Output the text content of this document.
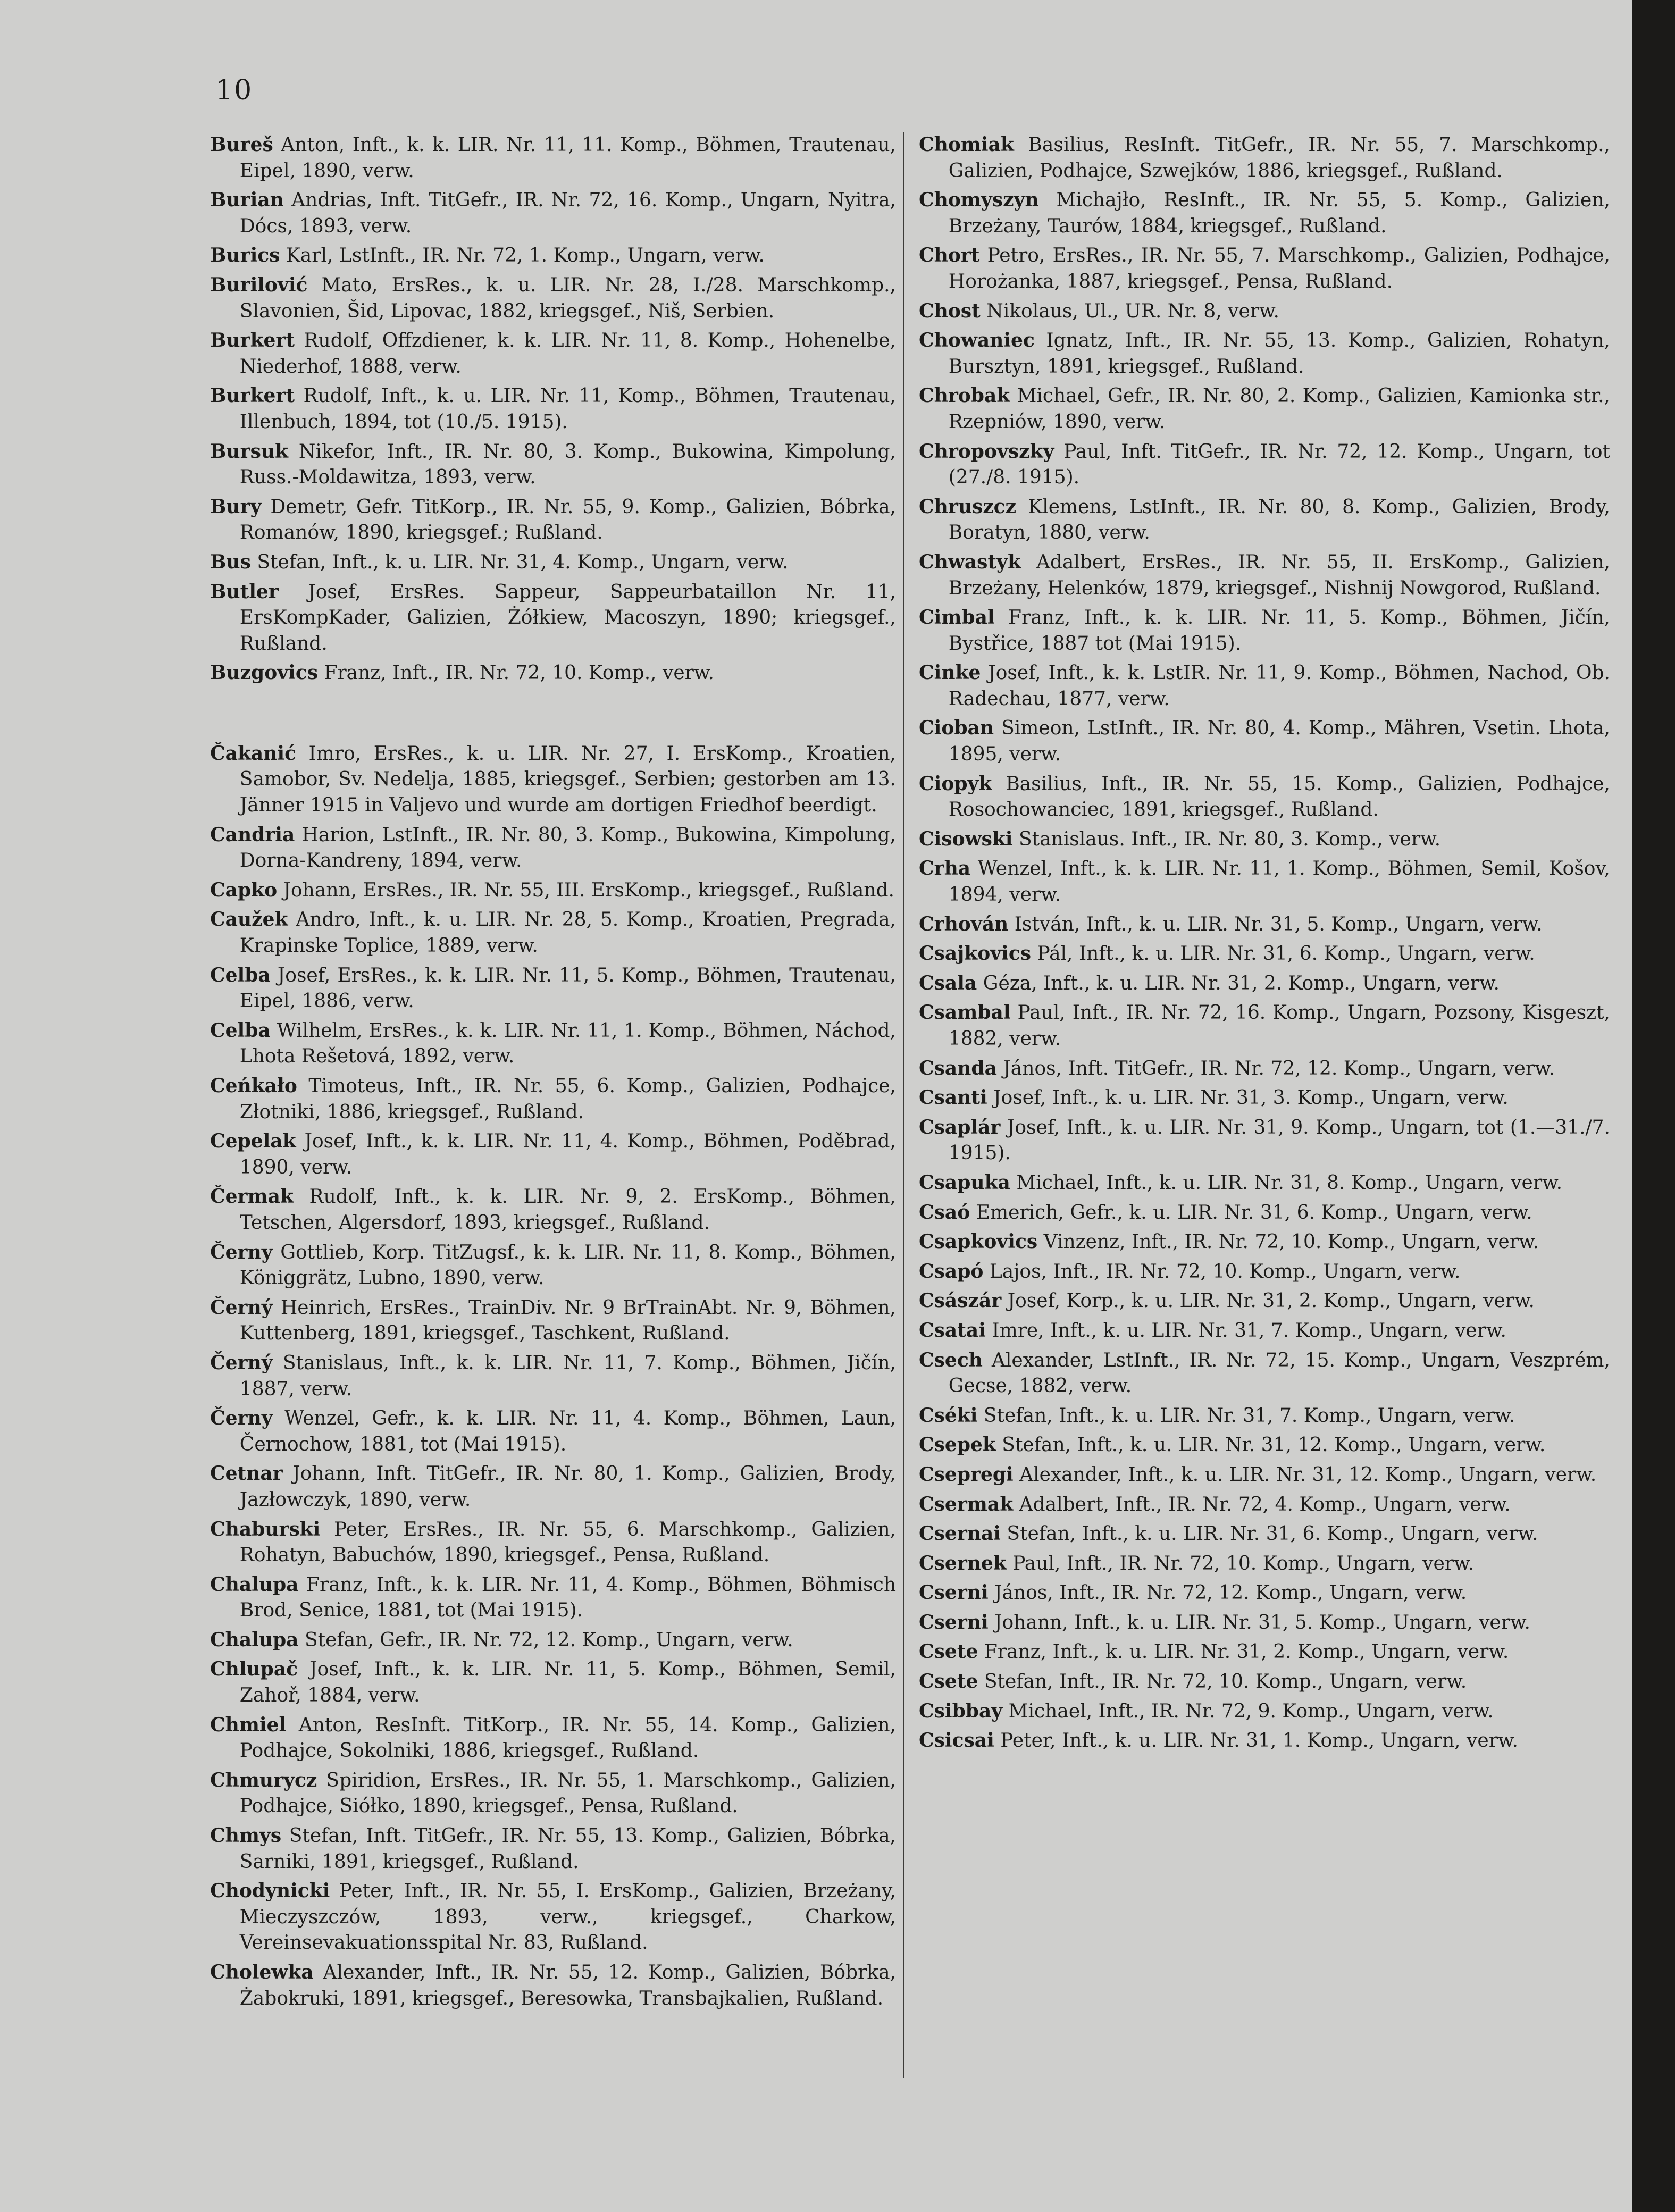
10

Bureš Anton, Inft., k. k. LIR. Nr. 11, 11. Komp., Böhmen, Trautenau, Eipel, 1890, verw.

Burian Andrias, Inft. TitGefr., IR. Nr. 72, 16. Komp., Ungarn, Nyitra, Dócs, 1893, verw.

Burics Karl, LstInft., IR. Nr. 72, 1. Komp., Ungarn, verw.

Burilović Mato, ErsRes., k. u. LIR. Nr. 28, I./28. Marschkomp., Slavonien, Šid, Lipovac, 1882, kriegsgef., Niš, Serbien.

Burkert Rudolf, Offzdiener, k. k. LIR. Nr. 11, 8. Komp., Hohenelbe, Niederhof, 1888, verw.

Burkert Rudolf, Inft., k. u. LIR. Nr. 11, Komp., Böhmen, Trautenau, Illenbuch, 1894, tot (10./5. 1915).

Bursuk Nikefor, Inft., IR. Nr. 80, 3. Komp., Bukowina, Kimpolung, Russ.-Moldawitza, 1893, verw.

Bury Demetr, Gefr. TitKorp., IR. Nr. 55, 9. Komp., Galizien, Bóbrka, Romanów, 1890, kriegsgef.; Rußland.

Bus Stefan, Inft., k. u. LIR. Nr. 31, 4. Komp., Ungarn, verw.

Butler Josef, ErsRes. Sappeur, Sappeurbataillon Nr. 11, ErsKompKader, Galizien, Żółkiew, Macoszyn, 1890; kriegsgef., Rußland.

Buzgovics Franz, Inft., IR. Nr. 72, 10. Komp., verw.

Čakanić Imro, ErsRes., k. u. LIR. Nr. 27, I. ErsKomp., Kroatien, Samobor, Sv. Nedelja, 1885, kriegsgef., Serbien; gestorben am 13. Jänner 1915 in Valjevo und wurde am dortigen Friedhof beerdigt.

Candria Harion, LstInft., IR. Nr. 80, 3. Komp., Bukowina, Kimpolung, Dorna-Kandreny, 1894, verw.

Capko Johann, ErsRes., IR. Nr. 55, III. ErsKomp., kriegsgef., Rußland.

Caužek Andro, Inft., k. u. LIR. Nr. 28, 5. Komp., Kroatien, Pregrada, Krapinske Toplice, 1889, verw.

Celba Josef, ErsRes., k. k. LIR. Nr. 11, 5. Komp., Böhmen, Trautenau, Eipel, 1886, verw.

Celba Wilhelm, ErsRes., k. k. LIR. Nr. 11, 1. Komp., Böhmen, Náchod, Lhota Rešetová, 1892, verw.

Ceńkało Timoteus, Inft., IR. Nr. 55, 6. Komp., Galizien, Podhajce, Złotniki, 1886, kriegsgef., Rußland.

Cepelak Josef, Inft., k. k. LIR. Nr. 11, 4. Komp., Böhmen, Poděbrad, 1890, verw.

Čermak Rudolf, Inft., k. k. LIR. Nr. 9, 2. ErsKomp., Böhmen, Tetschen, Algersdorf, 1893, kriegsgef., Rußland.

Černy Gottlieb, Korp. TitZugsf., k. k. LIR. Nr. 11, 8. Komp., Böhmen, Königgrätz, Lubno, 1890, verw.

Černý Heinrich, ErsRes., TrainDiv. Nr. 9 BrTrainAbt. Nr. 9, Böhmen, Kuttenberg, 1891, kriegsgef., Taschkent, Rußland.

Černý Stanislaus, Inft., k. k. LIR. Nr. 11, 7. Komp., Böhmen, Jičín, 1887, verw.

Černy Wenzel, Gefr., k. k. LIR. Nr. 11, 4. Komp., Böhmen, Laun, Černochow, 1881, tot (Mai 1915).

Cetnar Johann, Inft. TitGefr., IR. Nr. 80, 1. Komp., Galizien, Brody, Jazłowczyk, 1890, verw.

Chaburski Peter, ErsRes., IR. Nr. 55, 6. Marschkomp., Galizien, Rohatyn, Babuchów, 1890, kriegsgef., Pensa, Rußland.

Chalupa Franz, Inft., k. k. LIR. Nr. 11, 4. Komp., Böhmen, Böhmisch Brod, Senice, 1881, tot (Mai 1915).

Chalupa Stefan, Gefr., IR. Nr. 72, 12. Komp., Ungarn, verw.

Chlupač Josef, Inft., k. k. LIR. Nr. 11, 5. Komp., Böhmen, Semil, Zahoř, 1884, verw.

Chmiel Anton, ResInft. TitKorp., IR. Nr. 55, 14. Komp., Galizien, Podhajce, Sokolniki, 1886, kriegsgef., Rußland.

Chmurycz Spiridion, ErsRes., IR. Nr. 55, 1. Marschkomp., Galizien, Podhajce, Siółko, 1890, kriegsgef., Pensa, Rußland.

Chmys Stefan, Inft. TitGefr., IR. Nr. 55, 13. Komp., Galizien, Bóbrka, Sarniki, 1891, kriegsgef., Rußland.

Chodynicki Peter, Inft., IR. Nr. 55, I. ErsKomp., Galizien, Brzeżany, Mieczyszczów, 1893, verw., kriegsgef., Charkow, Vereinsevakuationsspital Nr. 83, Rußland.

Cholewka Alexander, Inft., IR. Nr. 55, 12. Komp., Galizien, Bóbrka, Żabokruki, 1891, kriegsgef., Beresowka, Transbajkalien, Rußland.

Chomiak Basilius, ResInft. TitGefr., IR. Nr. 55, 7. Marschkomp., Galizien, Podhajce, Szwejków, 1886, kriegsgef., Rußland.

Chomyszyn Michajło, ResInft., IR. Nr. 55, 5. Komp., Galizien, Brzeżany, Taurów, 1884, kriegsgef., Rußland.

Chort Petro, ErsRes., IR. Nr. 55, 7. Marschkomp., Galizien, Podhajce, Horożanka, 1887, kriegsgef., Pensa, Rußland.

Chost Nikolaus, Ul., UR. Nr. 8, verw.

Chowaniec Ignatz, Inft., IR. Nr. 55, 13. Komp., Galizien, Rohatyn, Bursztyn, 1891, kriegsgef., Rußland.

Chrobak Michael, Gefr., IR. Nr. 80, 2. Komp., Galizien, Kamionka str., Rzepniów, 1890, verw.

Chropovszky Paul, Inft. TitGefr., IR. Nr. 72, 12. Komp., Ungarn, tot (27./8. 1915).

Chruszcz Klemens, LstInft., IR. Nr. 80, 8. Komp., Galizien, Brody, Boratyn, 1880, verw.

Chwastyk Adalbert, ErsRes., IR. Nr. 55, II. ErsKomp., Galizien, Brzeżany, Helenków, 1879, kriegsgef., Nishnij Nowgorod, Rußland.

Cimbal Franz, Inft., k. k. LIR. Nr. 11, 5. Komp., Böhmen, Jičín, Bystřice, 1887 tot (Mai 1915).

Cinke Josef, Inft., k. k. LstIR. Nr. 11, 9. Komp., Böhmen, Nachod, Ob. Radechau, 1877, verw.

Cioban Simeon, LstInft., IR. Nr. 80, 4. Komp., Mähren, Vsetin. Lhota, 1895, verw.

Ciopyk Basilius, Inft., IR. Nr. 55, 15. Komp., Galizien, Podhajce, Rosochowanciec, 1891, kriegsgef., Rußland.

Cisowski Stanislaus. Inft., IR. Nr. 80, 3. Komp., verw.

Crha Wenzel, Inft., k. k. LIR. Nr. 11, 1. Komp., Böhmen, Semil, Košov, 1894, verw.

Crhován István, Inft., k. u. LIR. Nr. 31, 5. Komp., Ungarn, verw.

Csajkovics Pál, Inft., k. u. LIR. Nr. 31, 6. Komp., Ungarn, verw.

Csala Géza, Inft., k. u. LIR. Nr. 31, 2. Komp., Ungarn, verw.

Csambal Paul, Inft., IR. Nr. 72, 16. Komp., Ungarn, Pozsony, Kisgeszt, 1882, verw.

Csanda János, Inft. TitGefr., IR. Nr. 72, 12. Komp., Ungarn, verw.

Csanti Josef, Inft., k. u. LIR. Nr. 31, 3. Komp., Ungarn, verw.

Csaplár Josef, Inft., k. u. LIR. Nr. 31, 9. Komp., Ungarn, tot (1.—31./7. 1915).

Csapuka Michael, Inft., k. u. LIR. Nr. 31, 8. Komp., Ungarn, verw.

Csaó Emerich, Gefr., k. u. LIR. Nr. 31, 6. Komp., Ungarn, verw.

Csapkovics Vinzenz, Inft., IR. Nr. 72, 10. Komp., Ungarn, verw.

Csapó Lajos, Inft., IR. Nr. 72, 10. Komp., Ungarn, verw.

Császár Josef, Korp., k. u. LIR. Nr. 31, 2. Komp., Ungarn, verw.

Csatai Imre, Inft., k. u. LIR. Nr. 31, 7. Komp., Ungarn, verw.

Csech Alexander, LstInft., IR. Nr. 72, 15. Komp., Ungarn, Veszprém, Gecse, 1882, verw.

Cséki Stefan, Inft., k. u. LIR. Nr. 31, 7. Komp., Ungarn, verw.

Csepek Stefan, Inft., k. u. LIR. Nr. 31, 12. Komp., Ungarn, verw.

Csepregi Alexander, Inft., k. u. LIR. Nr. 31, 12. Komp., Ungarn, verw.

Csermak Adalbert, Inft., IR. Nr. 72, 4. Komp., Ungarn, verw.

Csernai Stefan, Inft., k. u. LIR. Nr. 31, 6. Komp., Ungarn, verw.

Csernek Paul, Inft., IR. Nr. 72, 10. Komp., Ungarn, verw.

Cserni János, Inft., IR. Nr. 72, 12. Komp., Ungarn, verw.

Cserni Johann, Inft., k. u. LIR. Nr. 31, 5. Komp., Ungarn, verw.

Csete Franz, Inft., k. u. LIR. Nr. 31, 2. Komp., Ungarn, verw.

Csete Stefan, Inft., IR. Nr. 72, 10. Komp., Ungarn, verw.

Csibbay Michael, Inft., IR. Nr. 72, 9. Komp., Ungarn, verw.

Csicsai Peter, Inft., k. u. LIR. Nr. 31, 1. Komp., Ungarn, verw.
